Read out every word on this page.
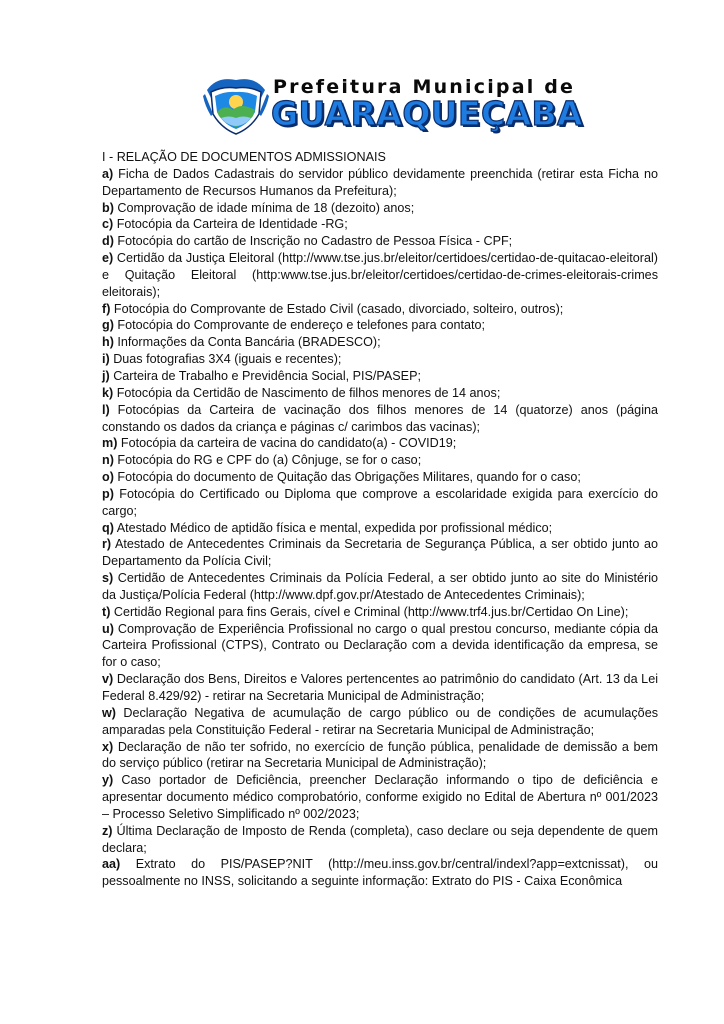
Prefeitura Municipal de
GUARAQUEÇABA

I - RELAÇÃO DE DOCUMENTOS ADMISSIONAIS

a) Ficha de Dados Cadastrais do servidor público devidamente preenchida (retirar esta Ficha no Departamento de Recursos Humanos da Prefeitura);

b) Comprovação de idade mínima de 18 (dezoito) anos;

c) Fotocópia da Carteira de Identidade -RG;

d) Fotocópia do cartão de Inscrição no Cadastro de Pessoa Física - CPF;

e) Certidão da Justiça Eleitoral (http://www.tse.jus.br/eleitor/certidoes/certidao-de-quitacao-eleitoral) e Quitação Eleitoral (http:www.tse.jus.br/eleitor/certidoes/certidao-de-crimes-eleitorais-crimes eleitorais);

f) Fotocópia do Comprovante de Estado Civil (casado, divorciado, solteiro, outros);

g) Fotocópia do Comprovante de endereço e telefones para contato;

h) Informações da Conta Bancária (BRADESCO);

i) Duas fotografias 3X4 (iguais e recentes);

j) Carteira de Trabalho e Previdência Social, PIS/PASEP;

k) Fotocópia da Certidão de Nascimento de filhos menores de 14 anos;

l) Fotocópias da Carteira de vacinação dos filhos menores de 14 (quatorze) anos (página constando os dados da criança e páginas c/ carimbos das vacinas);

m) Fotocópia da carteira de vacina do candidato(a) - COVID19;

n) Fotocópia do RG e CPF do (a) Cônjuge, se for o caso;

o) Fotocópia do documento de Quitação das Obrigações Militares, quando for o caso;

p) Fotocópia do Certificado ou Diploma que comprove a escolaridade exigida para exercício do cargo;

q) Atestado Médico de aptidão física e mental, expedida por profissional médico;

r) Atestado de Antecedentes Criminais da Secretaria de Segurança Pública, a ser obtido junto ao Departamento da Polícia Civil;

s) Certidão de Antecedentes Criminais da Polícia Federal, a ser obtido junto ao site do Ministério da Justiça/Polícia Federal (http://www.dpf.gov.pr/Atestado de Antecedentes Criminais);

t) Certidão Regional para fins Gerais, cível e Criminal (http://www.trf4.jus.br/Certidao On Line);

u) Comprovação de Experiência Profissional no cargo o qual prestou concurso, mediante cópia da Carteira Profissional (CTPS), Contrato ou Declaração com a devida identificação da empresa, se for o caso;

v) Declaração dos Bens, Direitos e Valores pertencentes ao patrimônio do candidato (Art. 13 da Lei Federal 8.429/92) - retirar na Secretaria Municipal de Administração;

w) Declaração Negativa de acumulação de cargo público ou de condições de acumulações amparadas pela Constituição Federal - retirar na Secretaria Municipal de Administração;

x) Declaração de não ter sofrido, no exercício de função pública, penalidade de demissão a bem do serviço público (retirar na Secretaria Municipal de Administração);

y) Caso portador de Deficiência, preencher Declaração informando o tipo de deficiência e apresentar documento médico comprobatório, conforme exigido no Edital de Abertura nº 001/2023 – Processo Seletivo Simplificado nº 002/2023;

z) Última Declaração de Imposto de Renda (completa), caso declare ou seja dependente de quem declara;

aa) Extrato do PIS/PASEP?NIT (http://meu.inss.gov.br/central/indexl?app=extcnissat), ou pessoalmente no INSS, solicitando a seguinte informação: Extrato do PIS - Caixa Econômica
